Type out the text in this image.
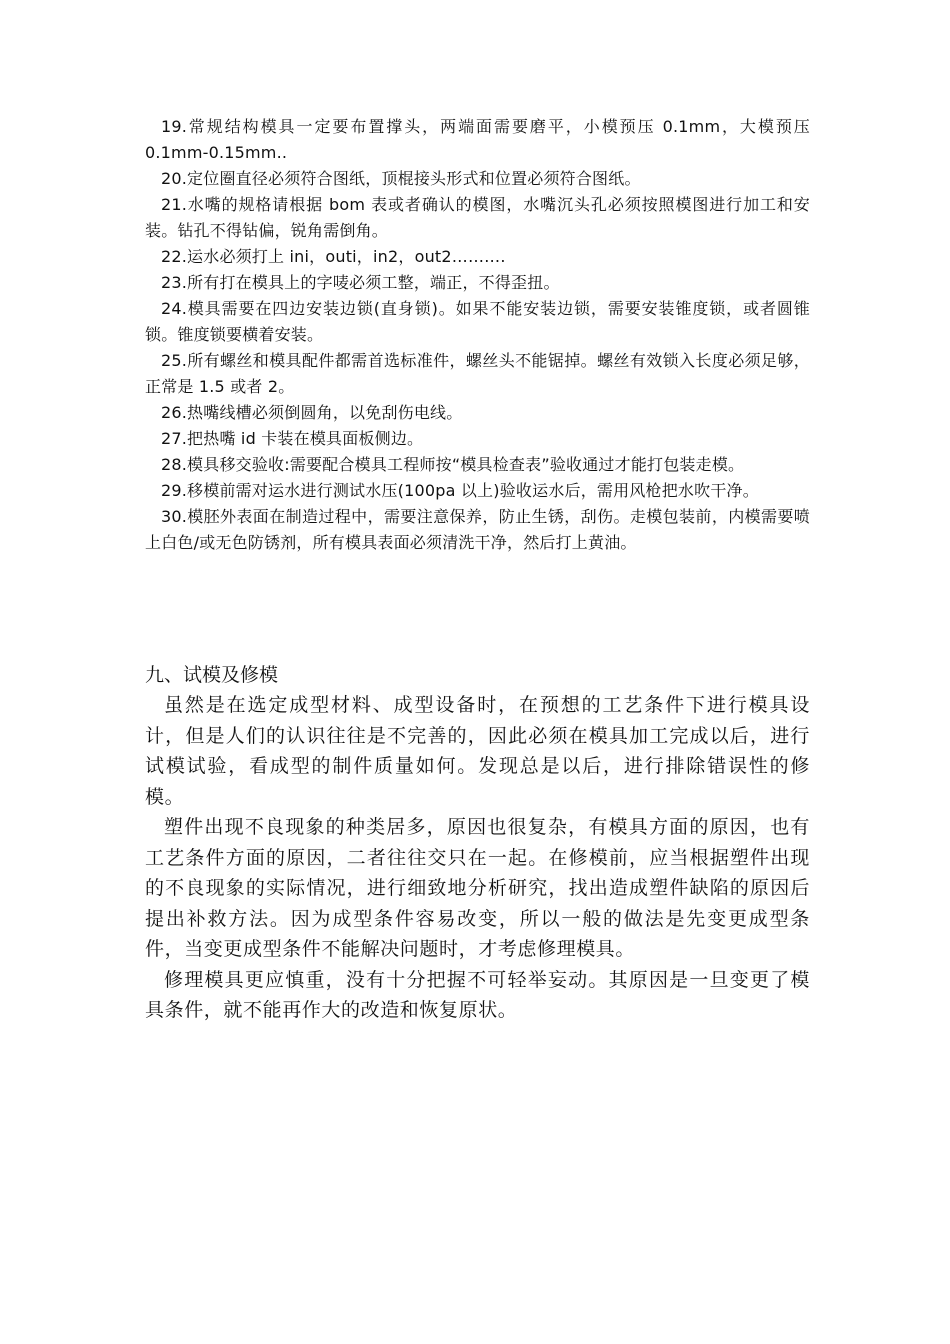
19.常规结构模具一定要布置撑头，两端面需要磨平，小模预压 0.1mm，大模预压 0.1mm-0.15mm..

20.定位圈直径必须符合图纸，顶棍接头形式和位置必须符合图纸。

21.水嘴的规格请根据 bom 表或者确认的模图，水嘴沉头孔必须按照模图进行加工和安装。钻孔不得钻偏，锐角需倒角。

22.运水必须打上 ini，outi，in2，out2……….

23.所有打在模具上的字唛必须工整，端正，不得歪扭。

24.模具需要在四边安装边锁(直身锁)。如果不能安装边锁，需要安装锥度锁，或者圆锥锁。锥度锁要横着安装。

25.所有螺丝和模具配件都需首选标准件，螺丝头不能锯掉。螺丝有效锁入长度必须足够，正常是 1.5 或者 2。

26.热嘴线槽必须倒圆角，以免刮伤电线。

27.把热嘴 id 卡装在模具面板侧边。

28.模具移交验收:需要配合模具工程师按“模具检查表”验收通过才能打包装走模。

29.移模前需对运水进行测试水压(100pa 以上)验收运水后，需用风枪把水吹干净。

30.模胚外表面在制造过程中，需要注意保养，防止生锈，刮伤。走模包装前，内模需要喷上白色/或无色防锈剂，所有模具表面必须清洗干净，然后打上黄油。

九、试模及修模

虽然是在选定成型材料、成型设备时，在预想的工艺条件下进行模具设计，但是人们的认识往往是不完善的，因此必须在模具加工完成以后，进行试模试验，看成型的制件质量如何。发现总是以后，进行排除错误性的修模。

塑件出现不良现象的种类居多，原因也很复杂，有模具方面的原因，也有工艺条件方面的原因，二者往往交只在一起。在修模前，应当根据塑件出现的不良现象的实际情况，进行细致地分析研究，找出造成塑件缺陷的原因后提出补救方法。因为成型条件容易改变，所以一般的做法是先变更成型条件，当变更成型条件不能解决问题时，才考虑修理模具。

修理模具更应慎重，没有十分把握不可轻举妄动。其原因是一旦变更了模具条件，就不能再作大的改造和恢复原状。
